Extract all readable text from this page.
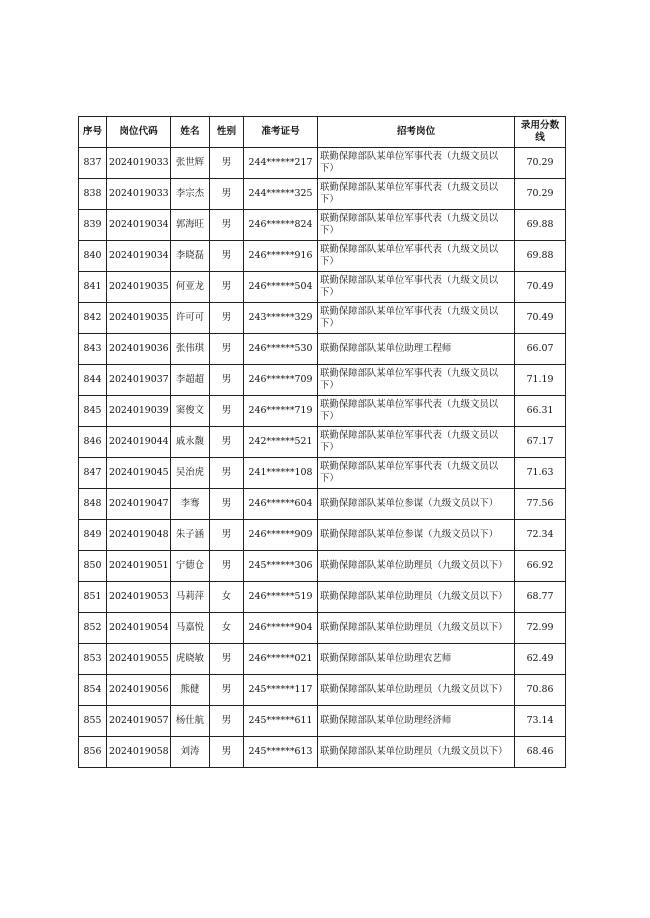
序号	岗位代码	姓名	性别	准考证号	招考岗位	录用分数线
837	2024019033	张世辉	男	244******217	联勤保障部队某单位军事代表（九级文员以下）	70.29
838	2024019033	李宗杰	男	244******325	联勤保障部队某单位军事代表（九级文员以下）	70.29
839	2024019034	郭海旺	男	246******824	联勤保障部队某单位军事代表（九级文员以下）	69.88
840	2024019034	李晓磊	男	246******916	联勤保障部队某单位军事代表（九级文员以下）	69.88
841	2024019035	何亚龙	男	246******504	联勤保障部队某单位军事代表（九级文员以下）	70.49
842	2024019035	许可可	男	243******329	联勤保障部队某单位军事代表（九级文员以下）	70.49
843	2024019036	张伟琪	男	246******530	联勤保障部队某单位助理工程师	66.07
844	2024019037	李超超	男	246******709	联勤保障部队某单位军事代表（九级文员以下）	71.19
845	2024019039	窦俊文	男	246******719	联勤保障部队某单位军事代表（九级文员以下）	66.31
846	2024019044	戚永馥	男	242******521	联勤保障部队某单位军事代表（九级文员以下）	67.17
847	2024019045	吴治虎	男	241******108	联勤保障部队某单位军事代表（九级文员以下）	71.63
848	2024019047	李骞	男	246******604	联勤保障部队某单位参谋（九级文员以下）	77.56
849	2024019048	朱子涵	男	246******909	联勤保障部队某单位参谋（九级文员以下）	72.34
850	2024019051	宁德仓	男	245******306	联勤保障部队某单位助理员（九级文员以下）	66.92
851	2024019053	马莉萍	女	246******519	联勤保障部队某单位助理员（九级文员以下）	68.77
852	2024019054	马嘉悦	女	246******904	联勤保障部队某单位助理员（九级文员以下）	72.99
853	2024019055	虎晓敏	男	246******021	联勤保障部队某单位助理农艺师	62.49
854	2024019056	熊健	男	245******117	联勤保障部队某单位助理员（九级文员以下）	70.86
855	2024019057	杨仕航	男	245******611	联勤保障部队某单位助理经济师	73.14
856	2024019058	刘涛	男	245******613	联勤保障部队某单位助理员（九级文员以下）	68.46
